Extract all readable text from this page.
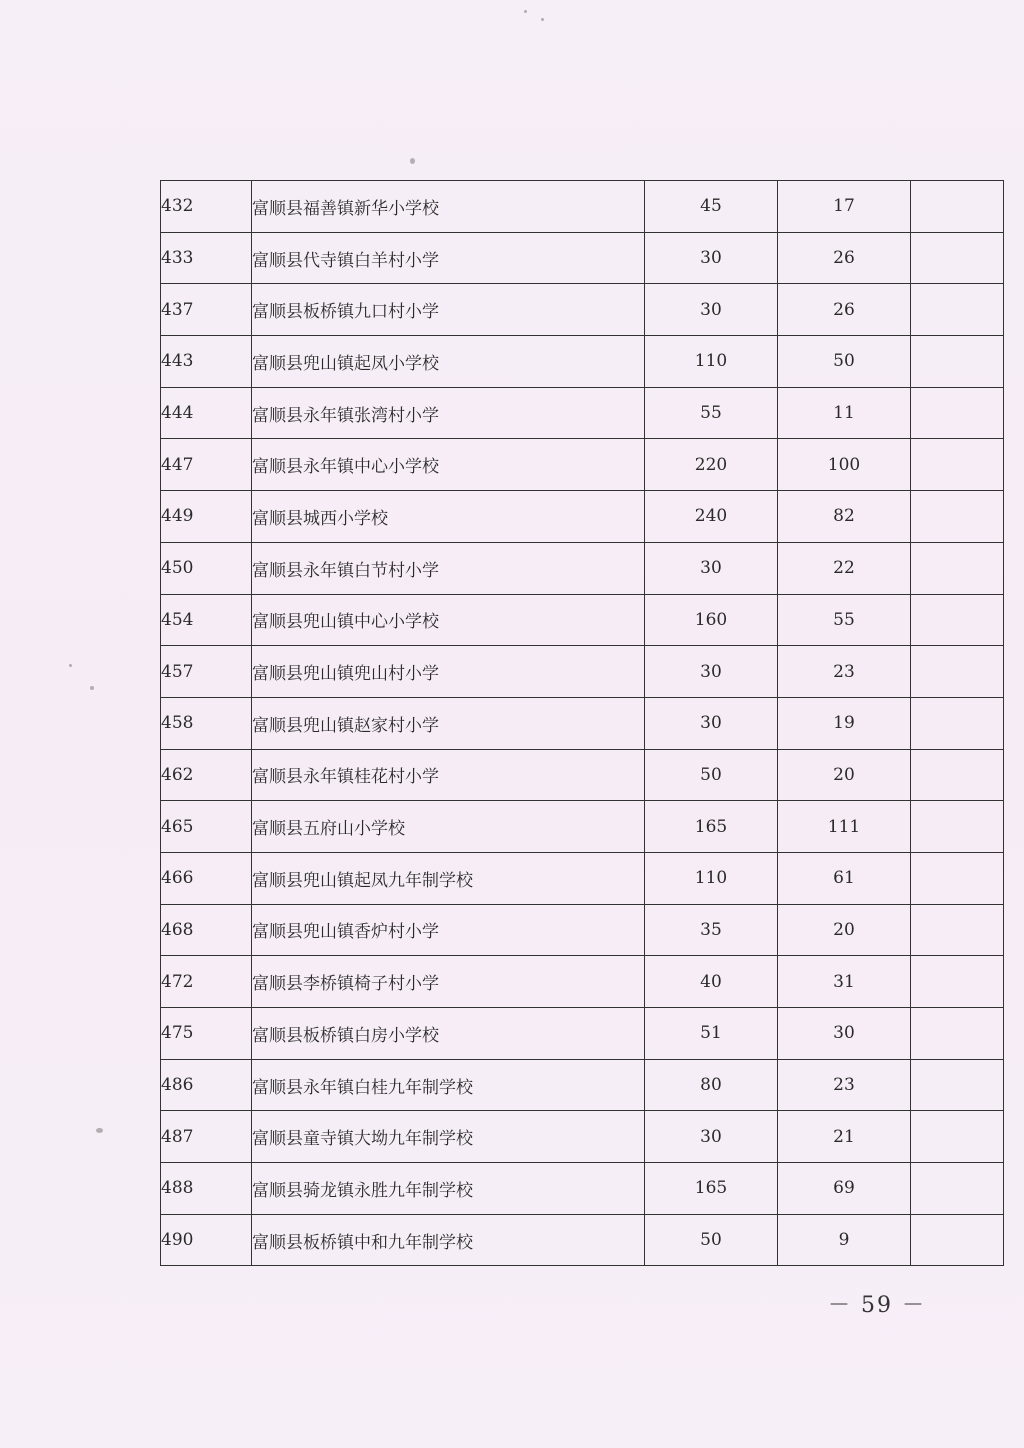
432	富顺县福善镇新华小学校	45	17	
433	富顺县代寺镇白羊村小学	30	26	
437	富顺县板桥镇九口村小学	30	26	
443	富顺县兜山镇起凤小学校	110	50	
444	富顺县永年镇张湾村小学	55	11	
447	富顺县永年镇中心小学校	220	100	
449	富顺县城西小学校	240	82	
450	富顺县永年镇白节村小学	30	22	
454	富顺县兜山镇中心小学校	160	55	
457	富顺县兜山镇兜山村小学	30	23	
458	富顺县兜山镇赵家村小学	30	19	
462	富顺县永年镇桂花村小学	50	20	
465	富顺县五府山小学校	165	111	
466	富顺县兜山镇起凤九年制学校	110	61	
468	富顺县兜山镇香炉村小学	35	20	
472	富顺县李桥镇椅子村小学	40	31	
475	富顺县板桥镇白房小学校	51	30	
486	富顺县永年镇白桂九年制学校	80	23	
487	富顺县童寺镇大坳九年制学校	30	21	
488	富顺县骑龙镇永胜九年制学校	165	69	
490	富顺县板桥镇中和九年制学校	50	9	
－ 59 －
